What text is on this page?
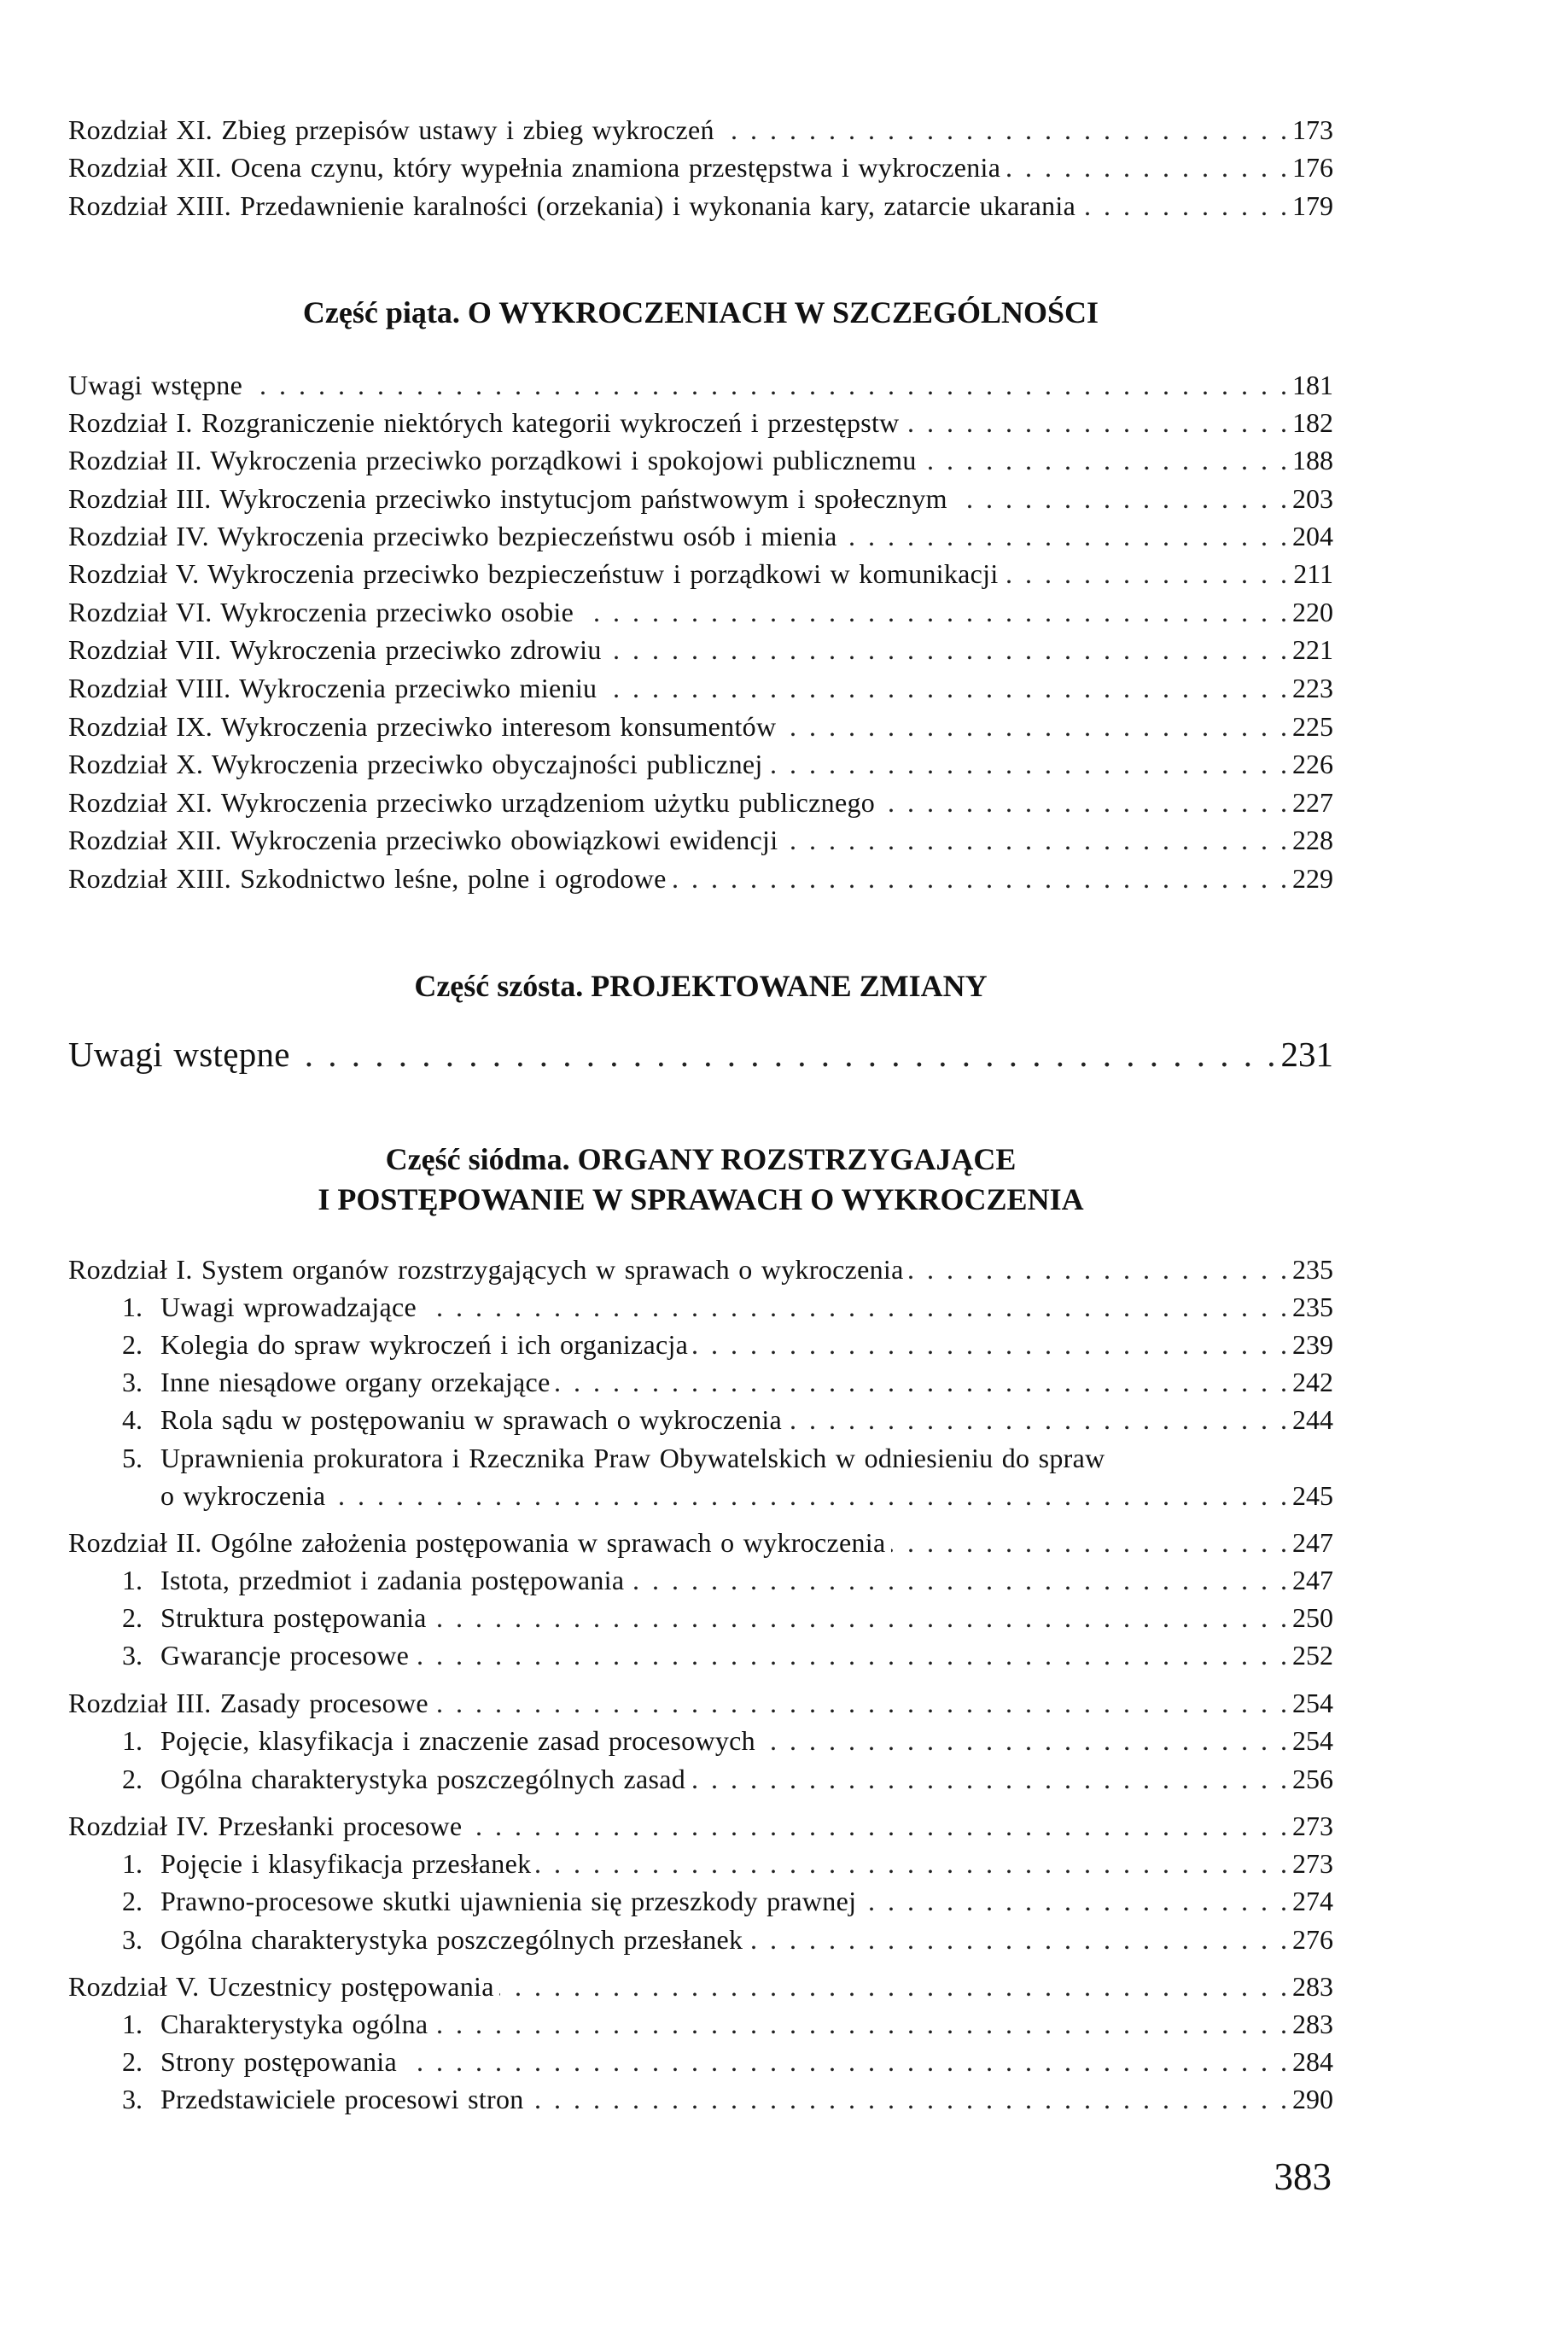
Rozdział XI. Zbieg przepisów ustawy i zbieg wykroczeń . . .	173
Rozdział XII. Ocena czynu, który wypełnia znamiona przestępstwa i wykroczenia . . .	176
Rozdział XIII. Przedawnienie karalności (orzekania) i wykonania kary, zatarcie ukarania . . .	179
Część piąta. O WYKROCZENIACH W SZCZEGÓLNOŚCI
Uwagi wstępne . . .	181
Rozdział I. Rozgraniczenie niektórych kategorii wykroczeń i przestępstw . . .	182
Rozdział II. Wykroczenia przeciwko porządkowi i spokojowi publicznemu . . .	188
Rozdział III. Wykroczenia przeciwko instytucjom państwowym i społecznym . . .	203
Rozdział IV. Wykroczenia przeciwko bezpieczeństwu osób i mienia . . .	204
Rozdział V. Wykroczenia przeciwko bezpieczeństuw i porządkowi w komunikacji . . .	211
Rozdział VI. Wykroczenia przeciwko osobie . . .	220
Rozdział VII. Wykroczenia przeciwko zdrowiu . . .	221
Rozdział VIII. Wykroczenia przeciwko mieniu . . .	223
Rozdział IX. Wykroczenia przeciwko interesom konsumentów . . .	225
Rozdział X. Wykroczenia przeciwko obyczajności publicznej . . .	226
Rozdział XI. Wykroczenia przeciwko urządzeniom użytku publicznego . . .	227
Rozdział XII. Wykroczenia przeciwko obowiązkowi ewidencji . . .	228
Rozdział XIII. Szkodnictwo leśne, polne i ogrodowe . . .	229
Część szósta. PROJEKTOWANE ZMIANY
Uwagi wstępne . . .	231
Część siódma. ORGANY ROZSTRZYGAJĄCE
I POSTĘPOWANIE W SPRAWACH O WYKROCZENIA
Rozdział I. System organów rozstrzygających w sprawach o wykroczenia . . .	235
1. Uwagi wprowadzające . . .	235
2. Kolegia do spraw wykroczeń i ich organizacja . . .	239
3. Inne niesądowe organy orzekające . . .	242
4. Rola sądu w postępowaniu w sprawach o wykroczenia . . .	244
5. Uprawnienia prokuratora i Rzecznika Praw Obywatelskich w odniesieniu do spraw
o wykroczenia . . .	245
Rozdział II. Ogólne założenia postępowania w sprawach o wykroczenia . . .	247
1. Istota, przedmiot i zadania postępowania . . .	247
2. Struktura postępowania . . .	250
3. Gwarancje procesowe . . .	252
Rozdział III. Zasady procesowe . . .	254
1. Pojęcie, klasyfikacja i znaczenie zasad procesowych . . .	254
2. Ogólna charakterystyka poszczególnych zasad . . .	256
Rozdział IV. Przesłanki procesowe . . .	273
1. Pojęcie i klasyfikacja przesłanek . . .	273
2. Prawno-procesowe skutki ujawnienia się przeszkody prawnej . . .	274
3. Ogólna charakterystyka poszczególnych przesłanek . . .	276
Rozdział V. Uczestnicy postępowania . . .	283
1. Charakterystyka ogólna . . .	283
2. Strony postępowania . . .	284
3. Przedstawiciele procesowi stron . . .	290
383
